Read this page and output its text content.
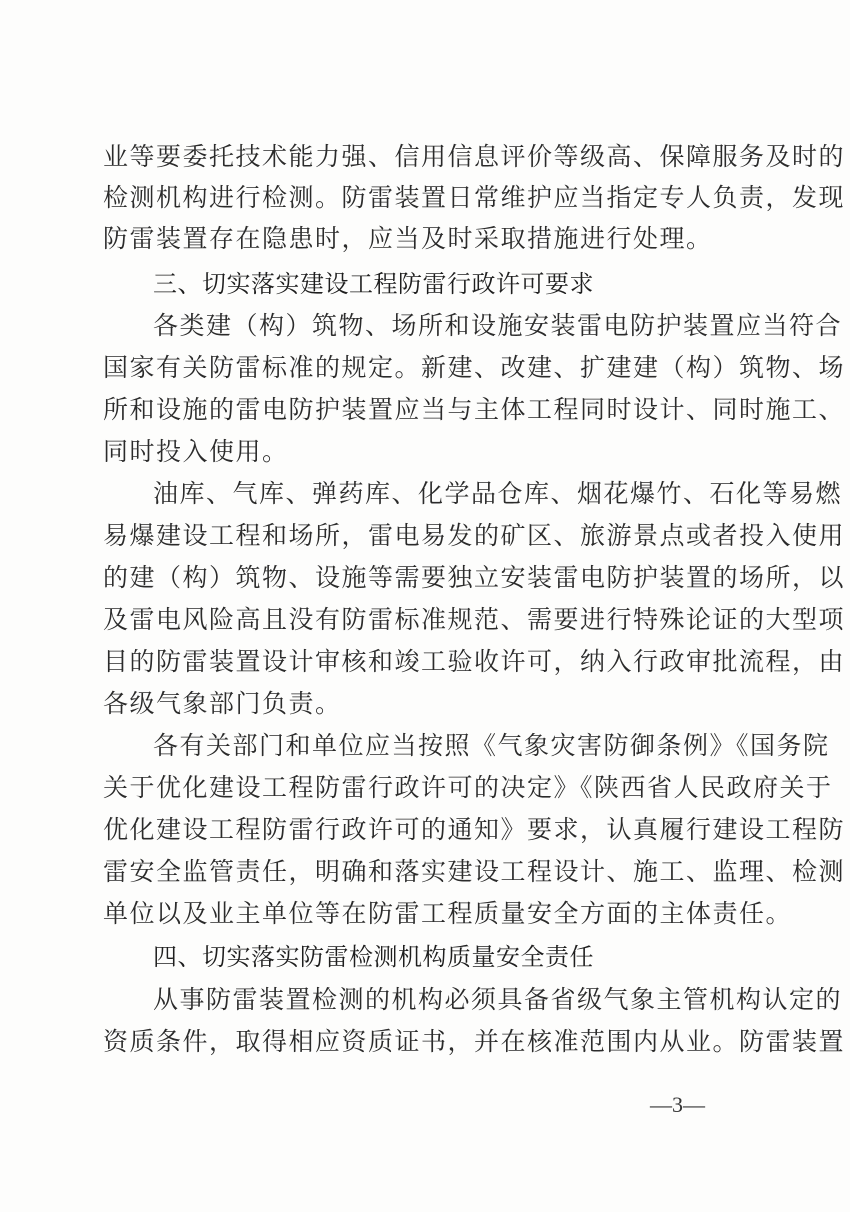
业等要委托技术能力强、信用信息评价等级高、保障服务及时的
检测机构进行检测。防雷装置日常维护应当指定专人负责，发现
防雷装置存在隐患时，应当及时采取措施进行处理。
三、切实落实建设工程防雷行政许可要求
各类建（构）筑物、场所和设施安装雷电防护装置应当符合
国家有关防雷标准的规定。新建、改建、扩建建（构）筑物、场
所和设施的雷电防护装置应当与主体工程同时设计、同时施工、
同时投入使用。
油库、气库、弹药库、化学品仓库、烟花爆竹、石化等易燃
易爆建设工程和场所，雷电易发的矿区、旅游景点或者投入使用
的建（构）筑物、设施等需要独立安装雷电防护装置的场所，以
及雷电风险高且没有防雷标准规范、需要进行特殊论证的大型项
目的防雷装置设计审核和竣工验收许可，纳入行政审批流程，由
各级气象部门负责。
各有关部门和单位应当按照《气象灾害防御条例》《国务院
关于优化建设工程防雷行政许可的决定》《陕西省人民政府关于
优化建设工程防雷行政许可的通知》要求，认真履行建设工程防
雷安全监管责任，明确和落实建设工程设计、施工、监理、检测
单位以及业主单位等在防雷工程质量安全方面的主体责任。
四、切实落实防雷检测机构质量安全责任
从事防雷装置检测的机构必须具备省级气象主管机构认定的
资质条件，取得相应资质证书，并在核准范围内从业。防雷装置
—3—
